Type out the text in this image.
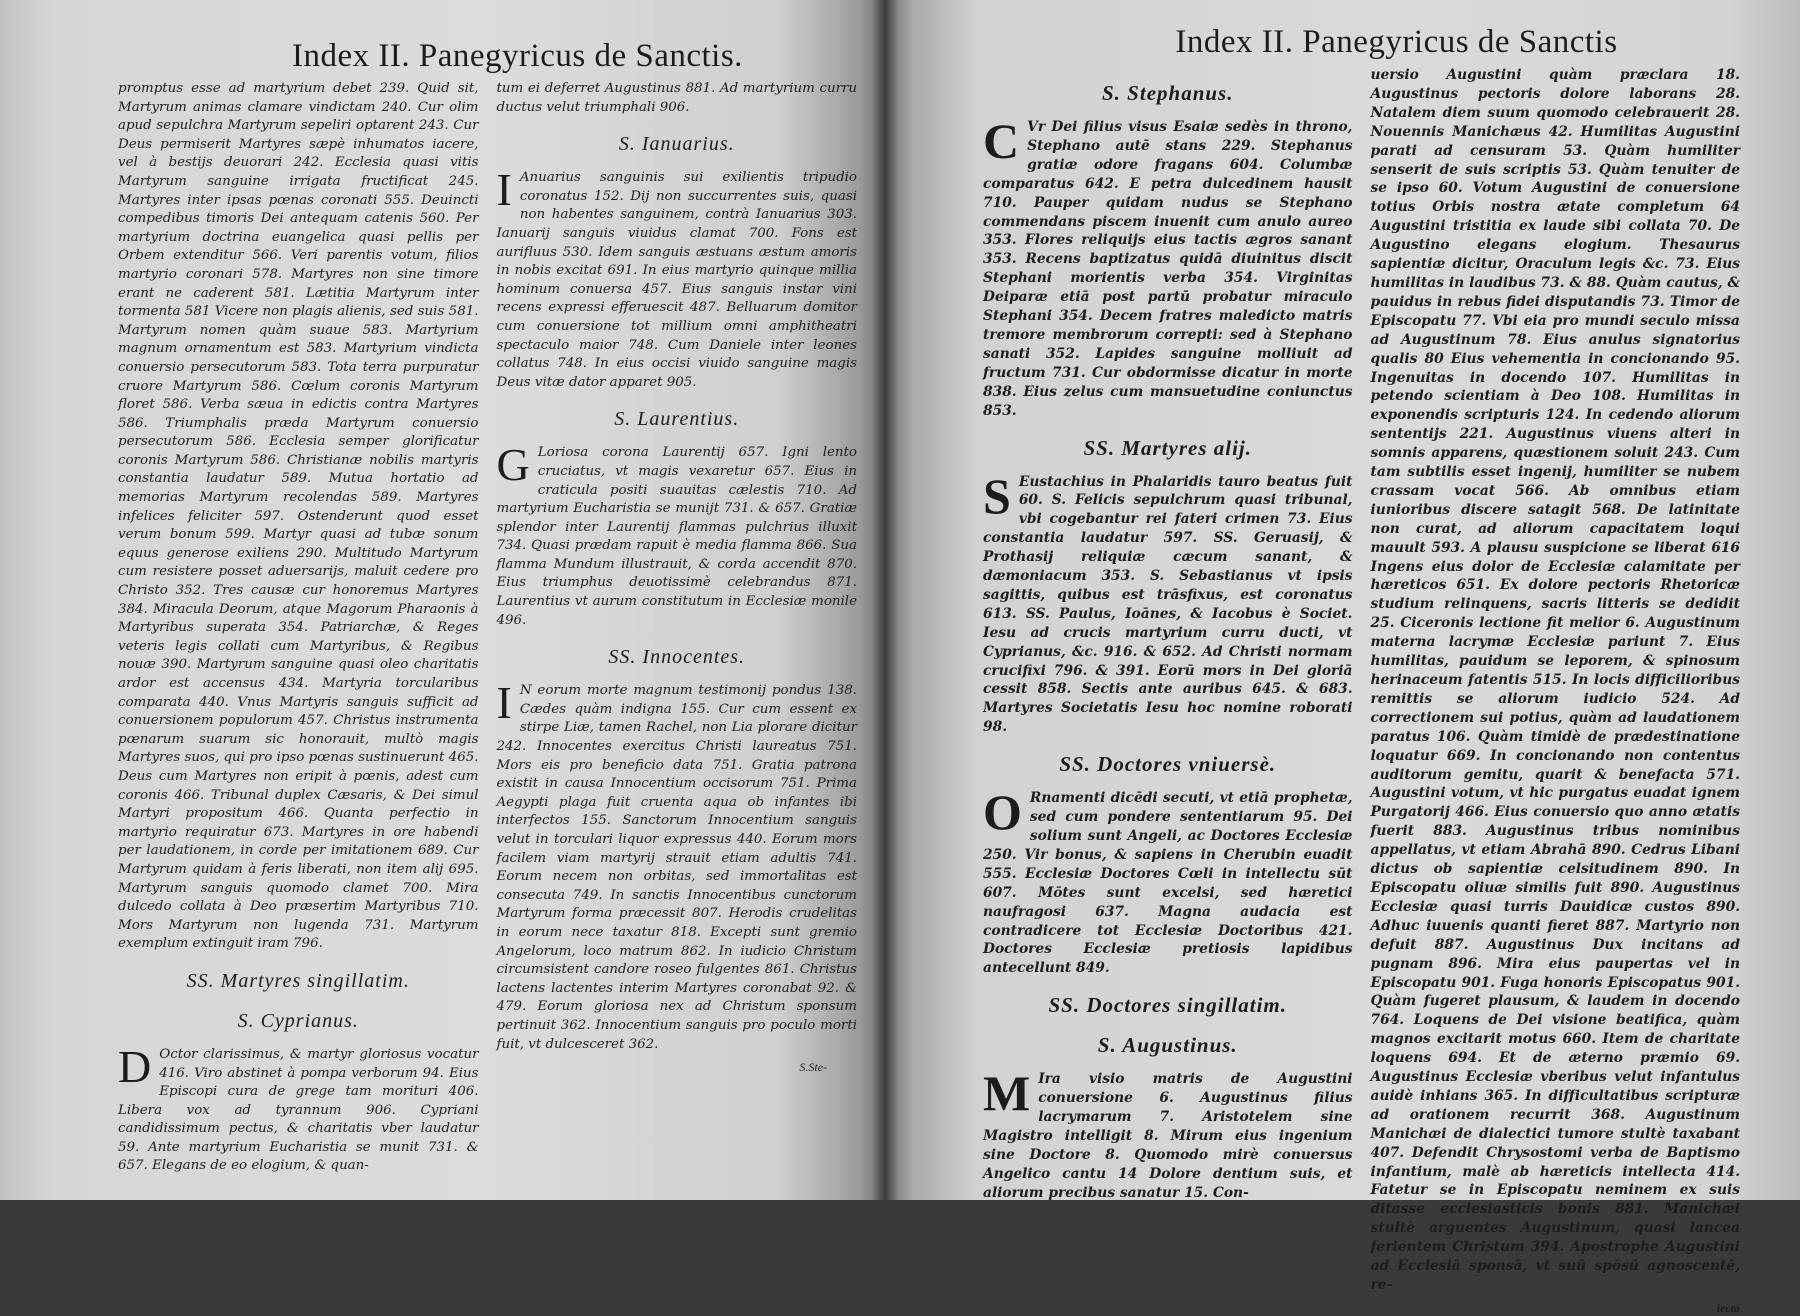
Index II. Panegyricus de Sanctis.

promptus esse ad martyrium debet 239. Quid sit, Martyrum animas clamare vindictam 240. Cur olim apud sepulchra Martyrum sepeliri optarent 243. Cur Deus permiserit Martyres sæpè inhumatos iacere, vel à bestijs deuorari 242. Ecclesia quasi vitis Martyrum sanguine irrigata fructificat 245. Martyres inter ipsas pœnas coronati 555. Deuincti compedibus timoris Dei antequam catenis 560. Per martyrium doctrina euangelica quasi pellis per Orbem extenditur 566. Veri parentis votum, filios martyrio coronari 578. Martyres non sine timore erant ne caderent 581. Lætitia Martyrum inter tormenta 581 Vicere non plagis alienis, sed suis 581. Martyrum nomen quàm suaue 583. Martyrium magnum ornamentum est 583. Martyrium vindicta conuersio persecutorum 583. Tota terra purpuratur cruore Martyrum 586. Cœlum coronis Martyrum floret 586. Verba sæua in edictis contra Martyres 586. Triumphalis præda Martyrum conuersio persecutorum 586. Ecclesia semper glorificatur coronis Martyrum 586. Christianæ nobilis martyris constantia laudatur 589. Mutua hortatio ad memorias Martyrum recolendas 589. Martyres infelices feliciter 597. Ostenderunt quod esset verum bonum 599. Martyr quasi ad tubæ sonum equus generose exiliens 290. Multitudo Martyrum cum resistere posset aduersarijs, maluit cedere pro Christo 352. Tres causæ cur honoremus Martyres 384. Miracula Deorum, atque Magorum Pharaonis à Martyribus superata 354. Patriarchæ, & Reges veteris legis collati cum Martyribus, & Regibus nouæ 390. Martyrum sanguine quasi oleo charitatis ardor est accensus 434. Martyria torcularibus comparata 440. Vnus Martyris sanguis sufficit ad conuersionem populorum 457. Christus instrumenta pœnarum suarum sic honorauit, multò magis Martyres suos, qui pro ipso pœnas sustinuerunt 465. Deus cum Martyres non eripit à pœnis, adest cum coronis 466. Tribunal duplex Cæsaris, & Dei simul Martyri propositum 466. Quanta perfectio in martyrio requiratur 673. Martyres in ore habendi per laudationem, in corde per imitationem 689. Cur Martyrum quidam à feris liberati, non item alij 695. Martyrum sanguis quomodo clamet 700. Mira dulcedo collata à Deo præsertim Martyribus 710. Mors Martyrum non lugenda 731. Martyrum exemplum extinguit iram 796.

SS. Martyres singillatim.
S. Cyprianus.

D Octor clarissimus, & martyr gloriosus vocatur 416. Viro abstinet à pompa verborum 94. Eius Episcopi cura de grege tam morituri 406. Libera vox ad tyrannum 906. Cypriani candidissimum pectus, & charitatis vber laudatur 59. Ante martyrium Eucharistia se munit 731. & 657. Elegans de eo elogium, & quan-

tum ei deferret Augustinus 881. Ad martyrium curru ductus velut triumphali 906.

S. Ianuarius.

I Anuarius sanguinis sui exilientis tripudio coronatus 152. Dij non succurrentes suis, quasi non habentes sanguinem, contrà Ianuarius 303. Ianuarij sanguis viuidus clamat 700. Fons est aurifluus 530. Idem sanguis æstuans æstum amoris in nobis excitat 691. In eius martyrio quinque millia hominum conuersa 457. Eius sanguis instar vini recens expressi efferuescit 487. Belluarum domitor cum conuersione tot millium omni amphitheatri spectaculo maior 748. Cum Daniele inter leones collatus 748. In eius occisi viuido sanguine magis Deus vitæ dator apparet 905.

S. Laurentius.

G Loriosa corona Laurentij 657. Igni lento cruciatus, vt magis vexaretur 657. Eius in craticula positi suauitas cælestis 710. Ad martyrium Eucharistia se munijt 731. & 657. Gratiæ splendor inter Laurentij flammas pulchrius illuxit 734. Quasi prædam rapuit è media flamma 866. Sua flamma Mundum illustrauit, & corda accendit 870. Eius triumphus deuotissimè celebrandus 871. Laurentius vt aurum constitutum in Ecclesiæ monile 496.

SS. Innocentes.

I N eorum morte magnum testimonij pondus 138. Cædes quàm indigna 155. Cur cum essent ex stirpe Liæ, tamen Rachel, non Lia plorare dicitur 242. Innocentes exercitus Christi laureatus 751. Mors eis pro beneficio data 751. Gratia patrona existit in causa Innocentium occisorum 751. Prima Aegypti plaga fuit cruenta aqua ob infantes ibi interfectos 155. Sanctorum Innocentium sanguis velut in torculari liquor expressus 440. Eorum mors facilem viam martyrij strauit etiam adultis 741. Eorum necem non orbitas, sed immortalitas est consecuta 749. In sanctis Innocentibus cunctorum Martyrum forma præcessit 807. Herodis crudelitas in eorum nece taxatur 818. Excepti sunt gremio Angelorum, loco matrum 862. In iudicio Christum circumsistent candore roseo fulgentes 861. Christus lactens lactentes interim Martyres coronabat 92. & 479. Eorum gloriosa nex ad Christum sponsum pertinuit 362. Innocentium sanguis pro poculo morti fuit, vt dulcesceret 362.

S.Ste-
Index II. Panegyricus de Sanctis
S. Stephanus.

C Vr Dei filius visus Esaiæ sedès in throno, Stephano autē stans 229. Stephanus gratiæ odore fragans 604. Columbæ comparatus 642. E petra dulcedinem hausit 710. Pauper quidam nudus se Stephano commendans piscem inuenit cum anulo aureo 353. Flores reliquijs eius tactis ægros sanant 353. Recens baptizatus quidā diuinitus discit Stephani morientis verba 354. Virginitas Deiparæ etiā post partū probatur miraculo Stephani 354. Decem fratres maledicto matris tremore membrorum correpti: sed à Stephano sanati 352. Lapides sanguine molliuit ad fructum 731. Cur obdormisse dicatur in morte 838. Eius zelus cum mansuetudine coniunctus 853.

SS. Martyres alij.

S Eustachius in Phalaridis tauro beatus fuit 60. S. Felicis sepulchrum quasi tribunal, vbi cogebantur rei fateri crimen 73. Eius constantia laudatur 597. SS. Geruasij, & Prothasij reliquiæ cæcum sanant, & dæmoniacum 353. S. Sebastianus vt ipsis sagittis, quibus est trāsfixus, est coronatus 613. SS. Paulus, Ioānes, & Iacobus è Societ. Iesu ad crucis martyrium curru ducti, vt Cyprianus, &c. 916. & 652. Ad Christi normam crucifixi 796. & 391. Eorū mors in Dei gloriā cessit 858. Sectis ante auribus 645. & 683. Martyres Societatis Iesu hoc nomine roborati 98.

SS. Doctores vniuersè.

O Rnamenti dicēdi secuti, vt etiā prophetæ, sed cum pondere sententiarum 95. Dei solium sunt Angeli, ac Doctores Ecclesiæ 250. Vir bonus, & sapiens in Cherubin euadit 555. Ecclesiæ Doctores Cœli in intellectu sūt 607. Mōtes sunt excelsi, sed hæretici naufragosi 637. Magna audacia est contradicere tot Ecclesiæ Doctoribus 421. Doctores Ecclesiæ pretiosis lapidibus antecellunt 849.

SS. Doctores singillatim.
S. Augustinus.

M Ira visio matris de Augustini conuersione 6. Augustinus filius lacrymarum 7. Aristotelem sine Magistro intelligit 8. Mirum eius ingenium sine Doctore 8. Quomodo mirè conuersus Angelico cantu 14 Dolore dentium suis, et aliorum precibus sanatur 15. Con-

uersio Augustini quàm præclara 18. Augustinus pectoris dolore laborans 28. Natalem diem suum quomodo celebrauerit 28. Nouennis Manichæus 42. Humilitas Augustini parati ad censuram 53. Quàm humiliter senserit de suis scriptis 53. Quàm tenuiter de se ipso 60. Votum Augustini de conuersione totius Orbis nostra ætate completum 64 Augustini tristitia ex laude sibi collata 70. De Augustino elegans elogium. Thesaurus sapientiæ dicitur, Oraculum legis &c. 73. Eius humilitas in laudibus 73. & 88. Quàm cautus, & pauidus in rebus fidei disputandis 73. Timor de Episcopatu 77. Vbi eia pro mundi seculo missa ad Augustinum 78. Eius anulus signatorius qualis 80 Eius vehementia in concionando 95. Ingenuitas in docendo 107. Humilitas in petendo scientiam à Deo 108. Humilitas in exponendis scripturis 124. In cedendo aliorum sententijs 221. Augustinus viuens alteri in somnis apparens, quæstionem soluit 243. Cum tam subtilis esset ingenij, humiliter se nubem crassam vocat 566. Ab omnibus etiam iunioribus discere satagit 568. De latinitate non curat, ad aliorum capacitatem loqui mauult 593. A plausu suspicione se liberat 616 Ingens eius dolor de Ecclesiæ calamitate per hæreticos 651. Ex dolore pectoris Rhetoricæ studium relinquens, sacris litteris se dedidit 25. Ciceronis lectione fit melior 6. Augustinum materna lacrymæ Ecclesiæ pariunt 7. Eius humilitas, pauidum se leporem, & spinosum herinaceum fatentis 515. In locis difficilioribus remittis se aliorum iudicio 524. Ad correctionem sui potius, quàm ad laudationem paratus 106. Quàm timidè de prædestinatione loquatur 669. In concionando non contentus auditorum gemitu, quarit & benefacta 571. Augustini votum, vt hic purgatus euadat ignem Purgatorij 466. Eius conuersio quo anno ætatis fuerit 883. Augustinus tribus nominibus appellatus, vt etiam Abrahā 890. Cedrus Libani dictus ob sapientiæ celsitudinem 890. In Episcopatu oliuæ similis fuit 890. Augustinus Ecclesiæ quasi turris Dauidicæ custos 890. Adhuc iuuenis quanti fieret 887. Martyrio non defuit 887. Augustinus Dux incitans ad pugnam 896. Mira eius paupertas vel in Episcopatu 901. Fuga honoris Episcopatus 901. Quàm fugeret plausum, & laudem in docendo 764. Loquens de Dei visione beatifica, quàm magnos excitarit motus 660. Item de charitate loquens 694. Et de æterno præmio 69. Augustinus Ecclesiæ vberibus velut infantulus auidè inhians 365. In difficultatibus scripturæ ad orationem recurrit 368. Augustinum Manichæi de dialectici tumore stultè taxabant 407. Defendit Chrysostomi verba de Baptismo infantium, malè ab hæreticis intellecta 414. Fatetur se in Episcopatu neminem ex suis ditasse ecclesiasticis bonis 881. Manichæi stultè arguentes Augustinum, quasi lancea ferientem Christum 394. Apostrophe Augustini ad Ecclesiā sponsā, vt suū spōsū agnoscentē, re-

iecta
